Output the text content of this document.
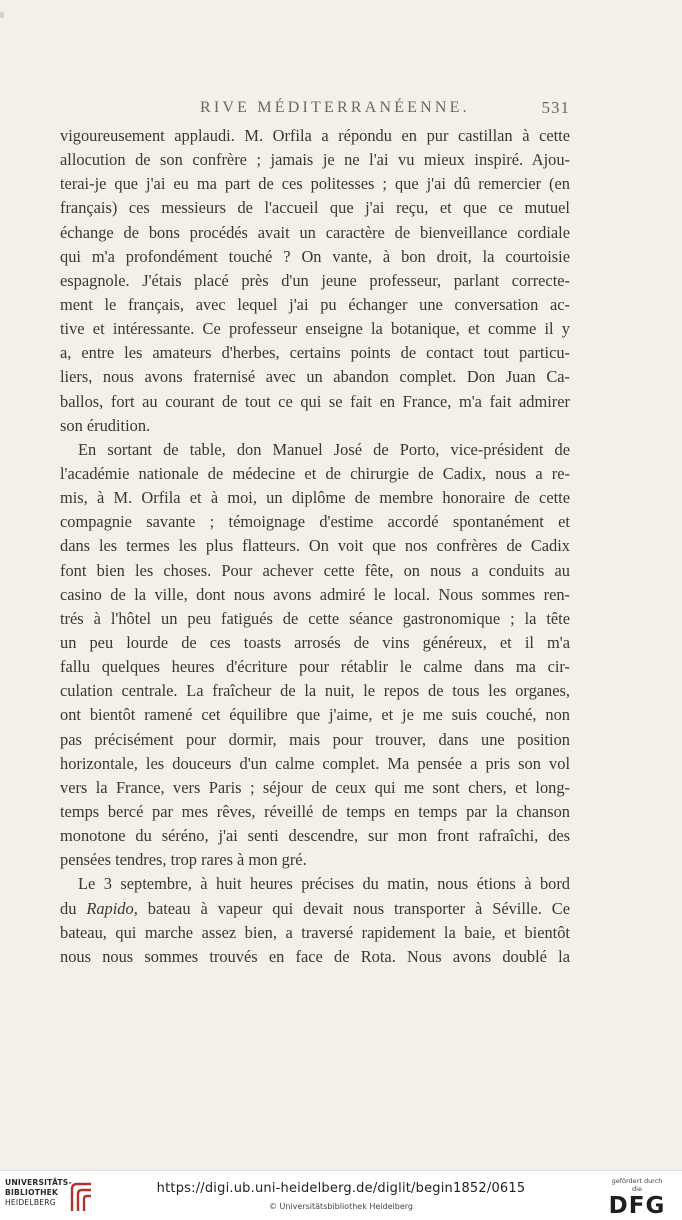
RIVE MÉDITERRANÉENNE.	531
vigoureusement applaudi. M. Orfila a répondu en pur castillan à cette
allocution de son confrère ; jamais je ne l'ai vu mieux inspiré. Ajou-
terai-je que j'ai eu ma part de ces politesses ; que j'ai dû remercier (en
français) ces messieurs de l'accueil que j'ai reçu, et que ce mutuel
échange de bons procédés avait un caractère de bienveillance cordiale
qui m'a profondément touché ? On vante, à bon droit, la courtoisie
espagnole. J'étais placé près d'un jeune professeur, parlant correcte-
ment le français, avec lequel j'ai pu échanger une conversation ac-
tive et intéressante. Ce professeur enseigne la botanique, et comme il y
a, entre les amateurs d'herbes, certains points de contact tout particu-
liers, nous avons fraternisé avec un abandon complet. Don Juan Ca-
ballos, fort au courant de tout ce qui se fait en France, m'a fait admirer
son érudition.
En sortant de table, don Manuel José de Porto, vice-président de
l'académie nationale de médecine et de chirurgie de Cadix, nous a re-
mis, à M. Orfila et à moi, un diplôme de membre honoraire de cette
compagnie savante ; témoignage d'estime accordé spontanément et
dans les termes les plus flatteurs. On voit que nos confrères de Cadix
font bien les choses. Pour achever cette fête, on nous a conduits au
casino de la ville, dont nous avons admiré le local. Nous sommes ren-
trés à l'hôtel un peu fatigués de cette séance gastronomique ; la tête
un peu lourde de ces toasts arrosés de vins généreux, et il m'a
fallu quelques heures d'écriture pour rétablir le calme dans ma cir-
culation centrale. La fraîcheur de la nuit, le repos de tous les organes,
ont bientôt ramené cet équilibre que j'aime, et je me suis couché, non
pas précisément pour dormir, mais pour trouver, dans une position
horizontale, les douceurs d'un calme complet. Ma pensée a pris son vol
vers la France, vers Paris ; séjour de ceux qui me sont chers, et long-
temps bercé par mes rêves, réveillé de temps en temps par la chanson
monotone du séréno, j'ai senti descendre, sur mon front rafraîchi, des
pensées tendres, trop rares à mon gré.
Le 3 septembre, à huit heures précises du matin, nous étions à bord
du Rapido, bateau à vapeur qui devait nous transporter à Séville. Ce
bateau, qui marche assez bien, a traversé rapidement la baie, et bientôt
nous nous sommes trouvés en face de Rota. Nous avons doublé la
UNIVERSITÄTS-
BIBLIOTHEK
HEIDELBERG
https://digi.ub.uni-heidelberg.de/diglit/begin1852/0615
© Universitätsbibliothek Heidelberg
gefördert durch die
DFG
